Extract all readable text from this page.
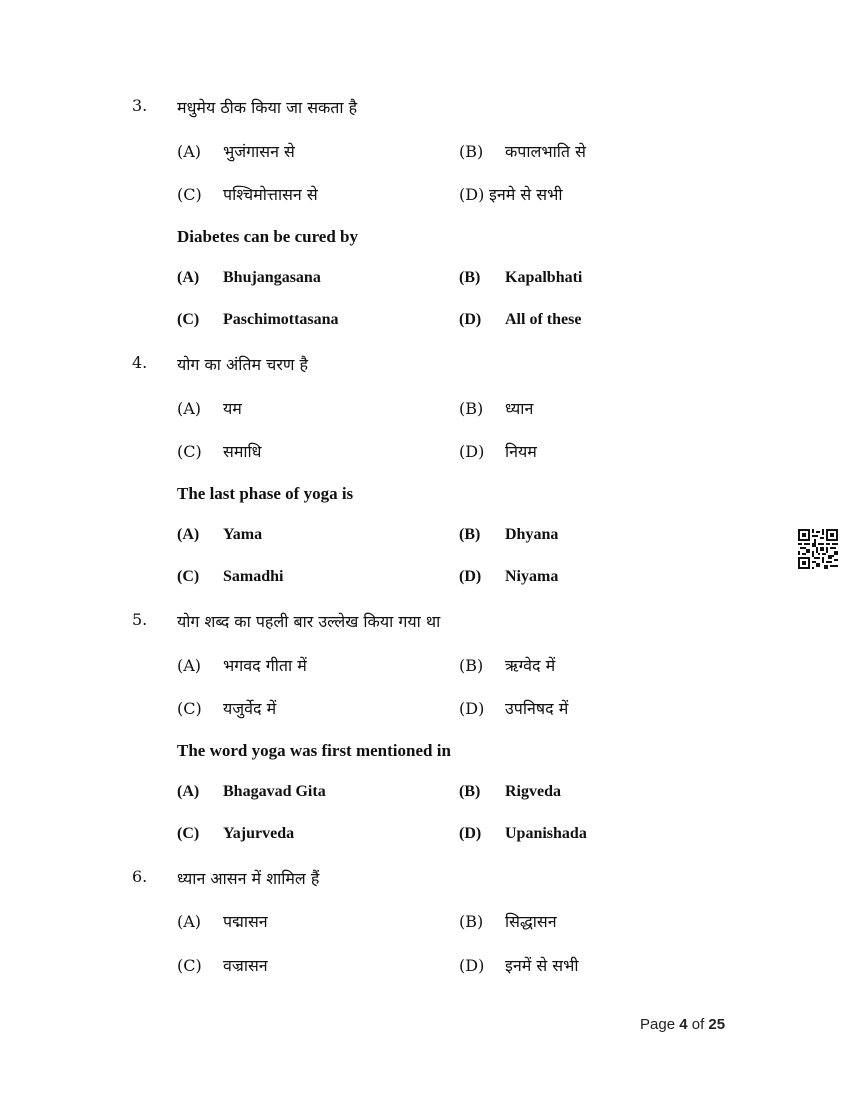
3. मधुमेय ठीक किया जा सकता है
(A) भुजंगासन से	(B) कपालभाति से
(C) पश्चिमोत्तासन से	(D) इनमे से सभी
Diabetes can be cured by
(A) Bhujangasana	(B) Kapalbhati
(C) Paschimottasana	(D) All of these
4. योग का अंतिम चरण है
(A) यम	(B) ध्यान
(C) समाधि	(D) नियम
The last phase of yoga is
(A) Yama	(B) Dhyana
(C) Samadhi	(D) Niyama
5. योग शब्द का पहली बार उल्लेख किया गया था
(A) भगवद गीता में	(B) ऋग्वेद में
(C) यजुर्वेद में	(D) उपनिषद में
The word yoga was first mentioned in
(A) Bhagavad Gita	(B) Rigveda
(C) Yajurveda	(D) Upanishada
6. ध्यान आसन में शामिल हैं
(A) पद्मासन	(B) सिद्धासन
(C) वज्रासन	(D) इनमें से सभी
Page 4 of 25
